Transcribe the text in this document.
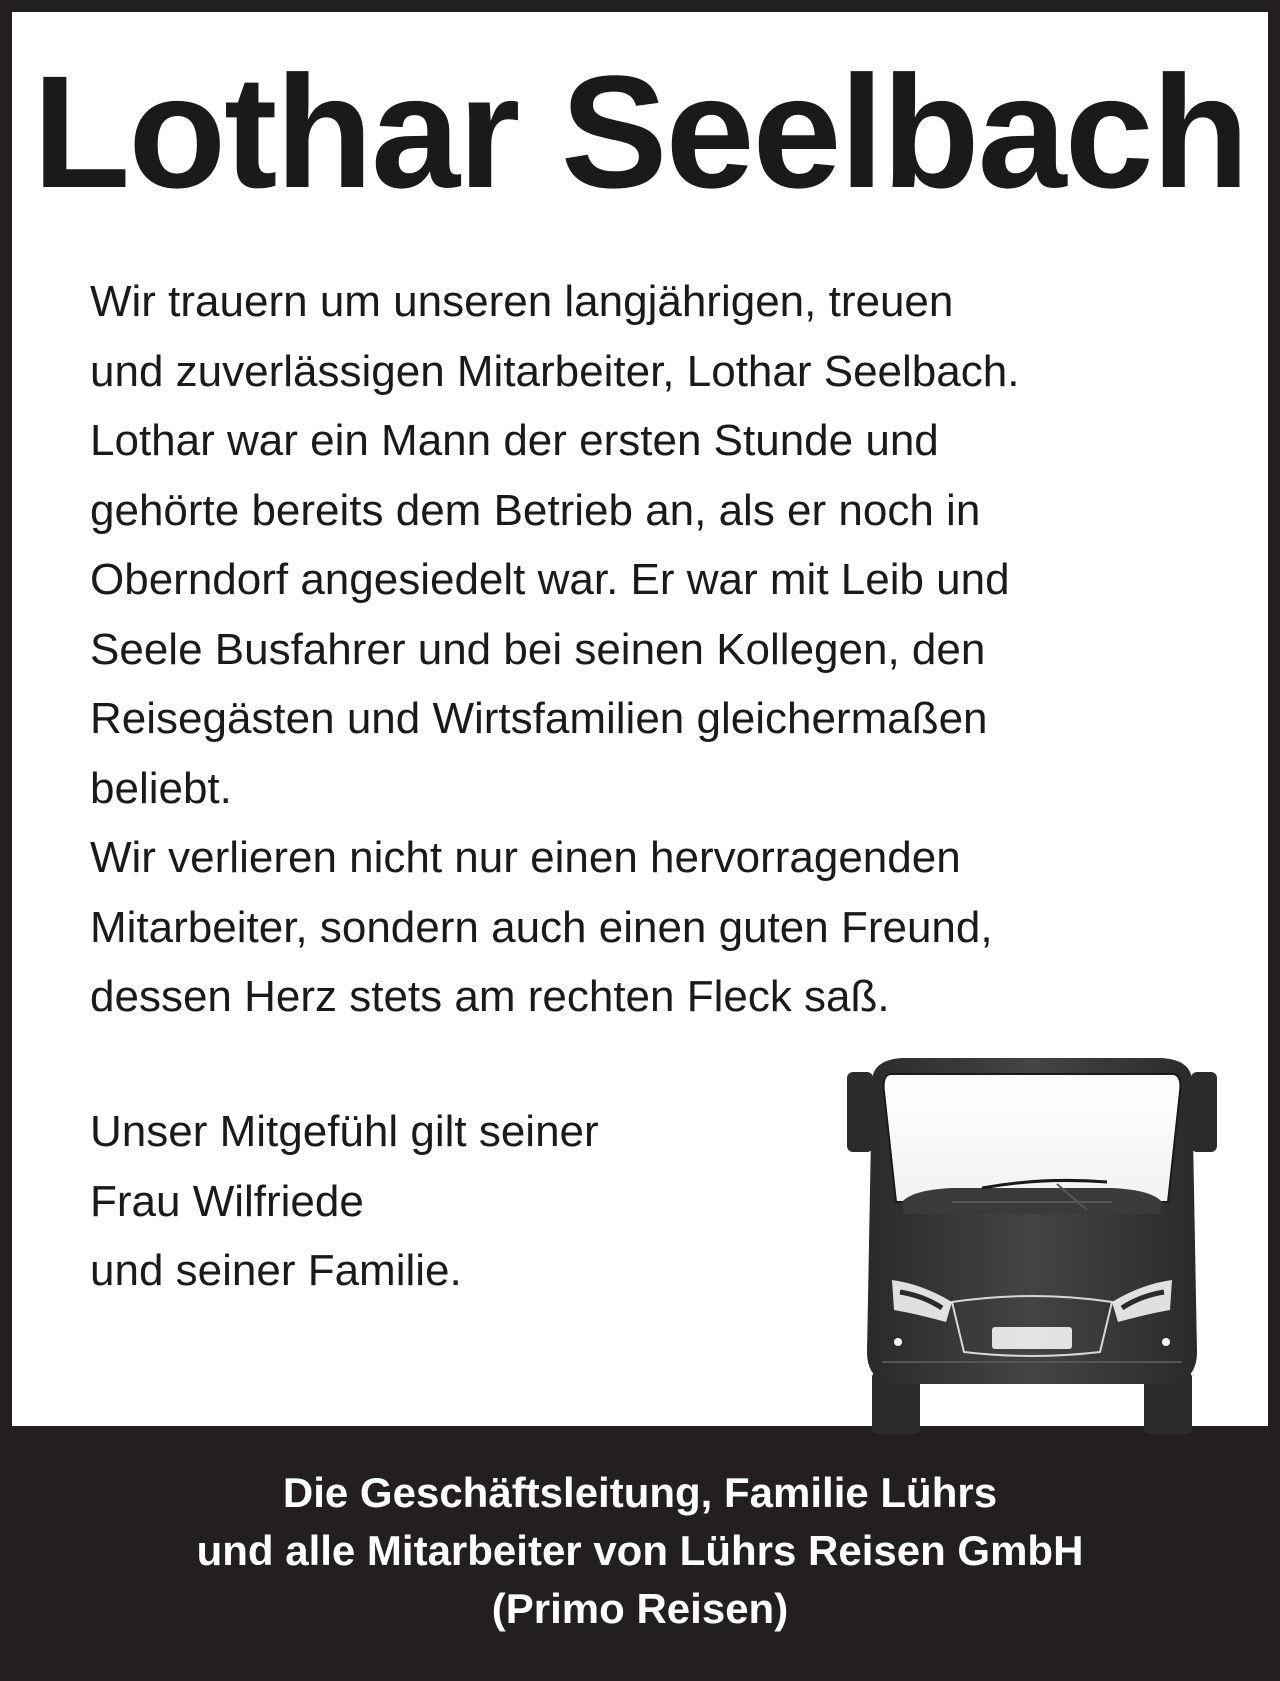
Lothar Seelbach

Wir trauern um unseren langjährigen, treuen
und zuverlässigen Mitarbeiter, Lothar Seelbach.
Lothar war ein Mann der ersten Stunde und
gehörte bereits dem Betrieb an, als er noch in
Oberndorf angesiedelt war. Er war mit Leib und
Seele Busfahrer und bei seinen Kollegen, den
Reisegästen und Wirtsfamilien gleichermaßen
beliebt.

Wir verlieren nicht nur einen hervorragenden
Mitarbeiter, sondern auch einen guten Freund,
dessen Herz stets am rechten Fleck saß.

Unser Mitgefühl gilt seiner
Frau Wilfriede
und seiner Familie.
Die Geschäftsleitung, Familie Lührs
und alle Mitarbeiter von Lührs Reisen GmbH
(Primo Reisen)
